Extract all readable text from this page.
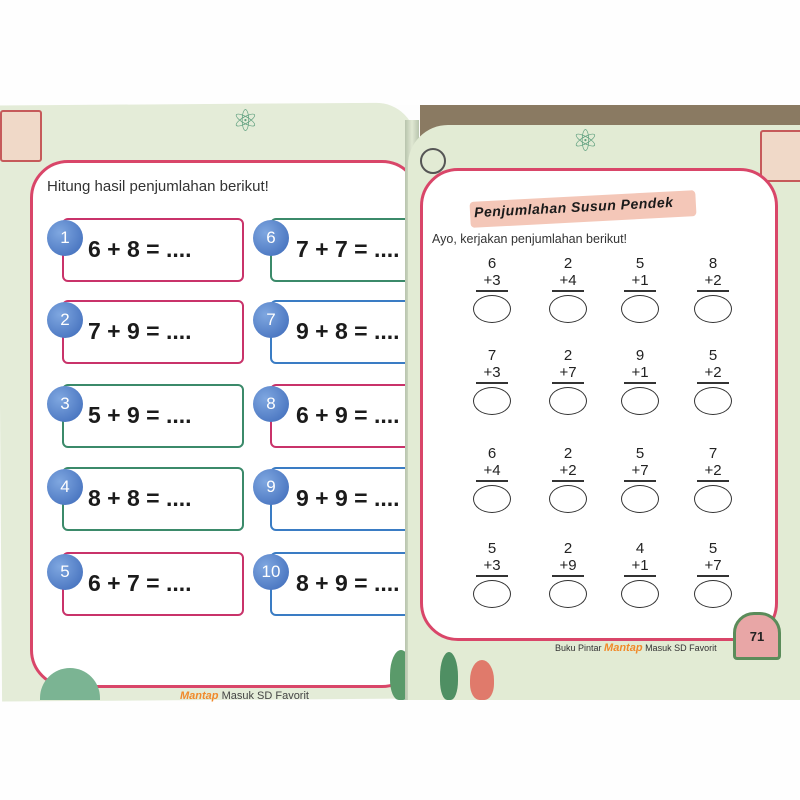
⚛
Hitung hasil penjumlahan berikut!
1 6 + 8 = ....
2 7 + 9 = ....
3 5 + 9 = ....
4 8 + 8 = ....
5 6 + 7 = ....
6 7 + 7 = ....
7 9 + 8 = ....
8 6 + 9 = ....
9 9 + 9 = ....
10 8 + 9 = ....
Mantap Masuk SD Favorit
⚛
Penjumlahan Susun Pendek
Ayo, kerjakan penjumlahan berikut!
6
+3
2
+4
5
+1
8
+2
7
+3
2
+7
9
+1
5
+2
6
+4
2
+2
5
+7
7
+2
5
+3
2
+9
4
+1
5
+7
Buku Pintar Mantap Masuk SD Favorit
71
